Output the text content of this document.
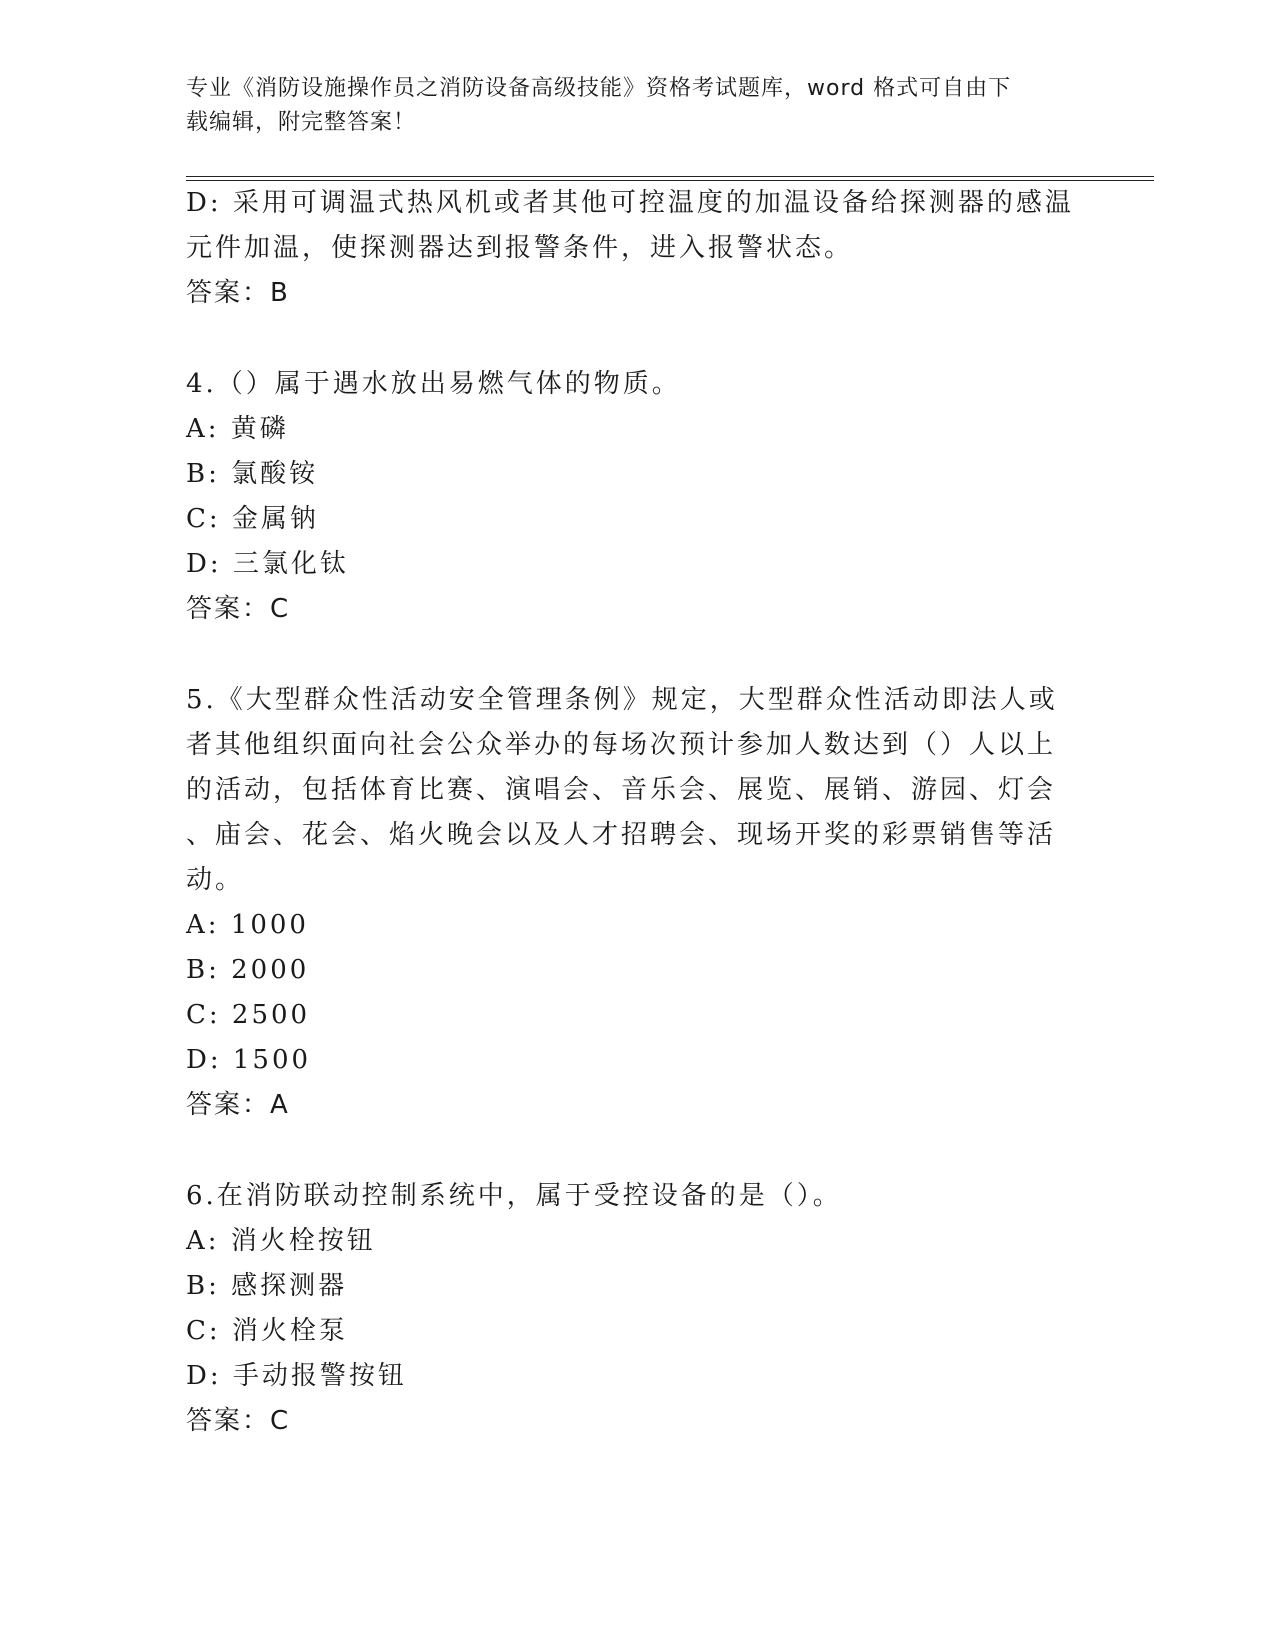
专业《消防设施操作员之消防设备高级技能》资格考试题库，word 格式可自由下
载编辑，附完整答案！
D: 采用可调温式热风机或者其他可控温度的加温设备给探测器的感温
元件加温，使探测器达到报警条件，进入报警状态。
答案：B
4.（）属于遇水放出易燃气体的物质。
A: 黄磷
B: 氯酸铵
C: 金属钠
D: 三氯化钛
答案：C
5.《大型群众性活动安全管理条例》规定，大型群众性活动即法人或
者其他组织面向社会公众举办的每场次预计参加人数达到（）人以上
的活动，包括体育比赛、演唱会、音乐会、展览、展销、游园、灯会
、庙会、花会、焰火晚会以及人才招聘会、现场开奖的彩票销售等活
动。
A: 1000
B: 2000
C: 2500
D: 1500
答案：A
6.在消防联动控制系统中，属于受控设备的是（）。
A: 消火栓按钮
B: 感探测器
C: 消火栓泵
D: 手动报警按钮
答案：C
